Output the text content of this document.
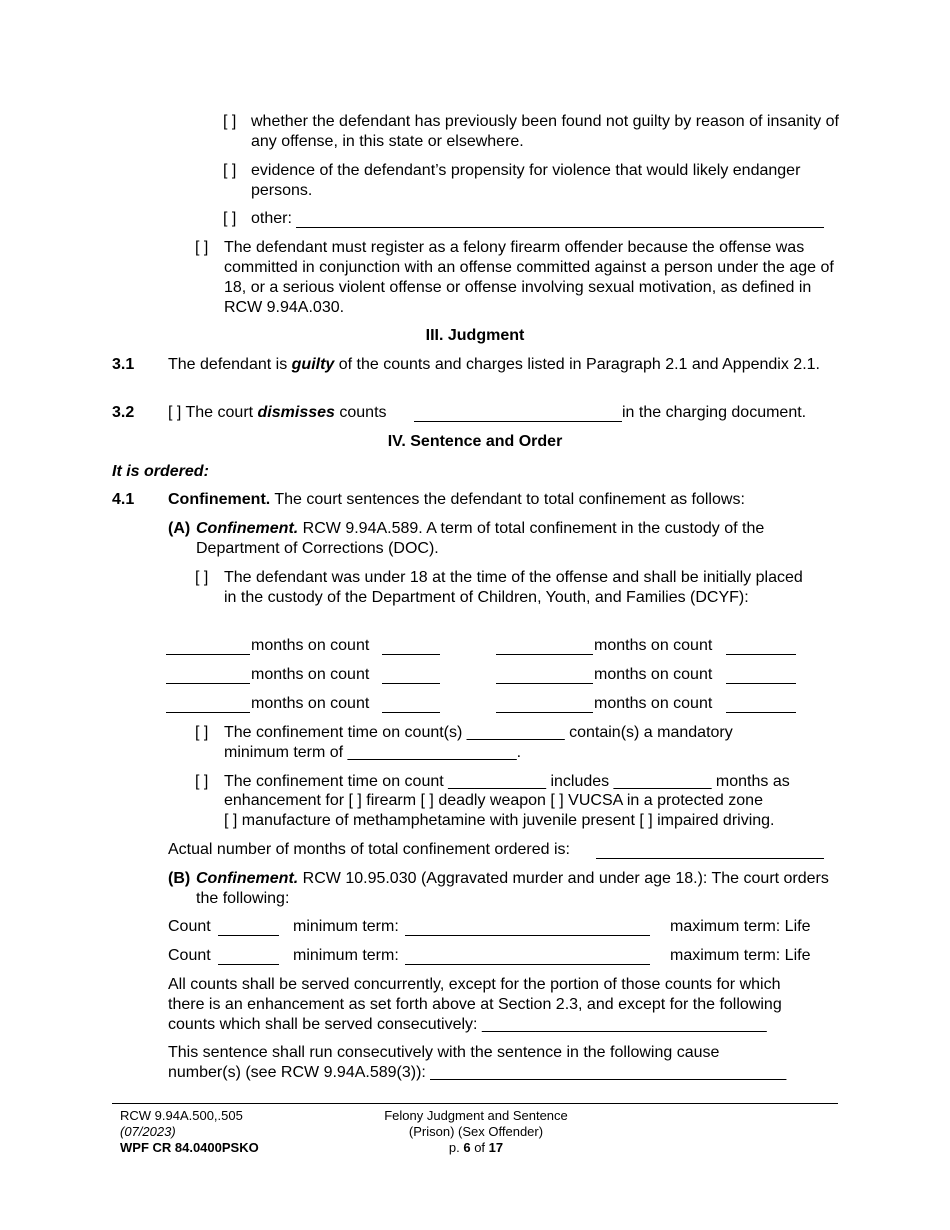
[ ] whether the defendant has previously been found not guilty by reason of insanity of any offense, in this state or elsewhere.
[ ] evidence of the defendant’s propensity for violence that would likely endanger persons.
[ ] other:
[ ] The defendant must register as a felony firearm offender because the offense was committed in conjunction with an offense committed against a person under the age of 18, or a serious violent offense or offense involving sexual motivation, as defined in RCW 9.94A.030.
III. Judgment
3.1 The defendant is guilty of the counts and charges listed in Paragraph 2.1 and Appendix 2.1.
3.2 [ ] The court dismisses counts	in the charging document.
IV. Sentence and Order
It is ordered:
4.1 Confinement. The court sentences the defendant to total confinement as follows:
(A) Confinement. RCW 9.94A.589. A term of total confinement in the custody of the Department of Corrections (DOC).
[ ] The defendant was under 18 at the time of the offense and shall be initially placed in the custody of the Department of Children, Youth, and Families (DCYF):
months on count	months on count
months on count	months on count
months on count	months on count
[ ] The confinement time on count(s) ___________ contain(s) a mandatory
minimum term of ___________________.
[ ] The confinement time on count ___________ includes ___________ months as
enhancement for [ ] firearm [ ] deadly weapon [ ] VUCSA in a protected zone
[ ] manufacture of methamphetamine with juvenile present [ ] impaired driving.
Actual number of months of total confinement ordered is:
(B) Confinement. RCW 10.95.030 (Aggravated murder and under age 18.): The court orders the following:
Count	minimum term:	maximum term: Life
Count	minimum term:	maximum term: Life
All counts shall be served concurrently, except for the portion of those counts for which
there is an enhancement as set forth above at Section 2.3, and except for the following
counts which shall be served consecutively: ________________________________
This sentence shall run consecutively with the sentence in the following cause
number(s) (see RCW 9.94A.589(3)): ________________________________________
RCW 9.94A.500,.505
(07/2023)
WPF CR 84.0400PSKO
Felony Judgment and Sentence
(Prison) (Sex Offender)
p. 6 of 17
